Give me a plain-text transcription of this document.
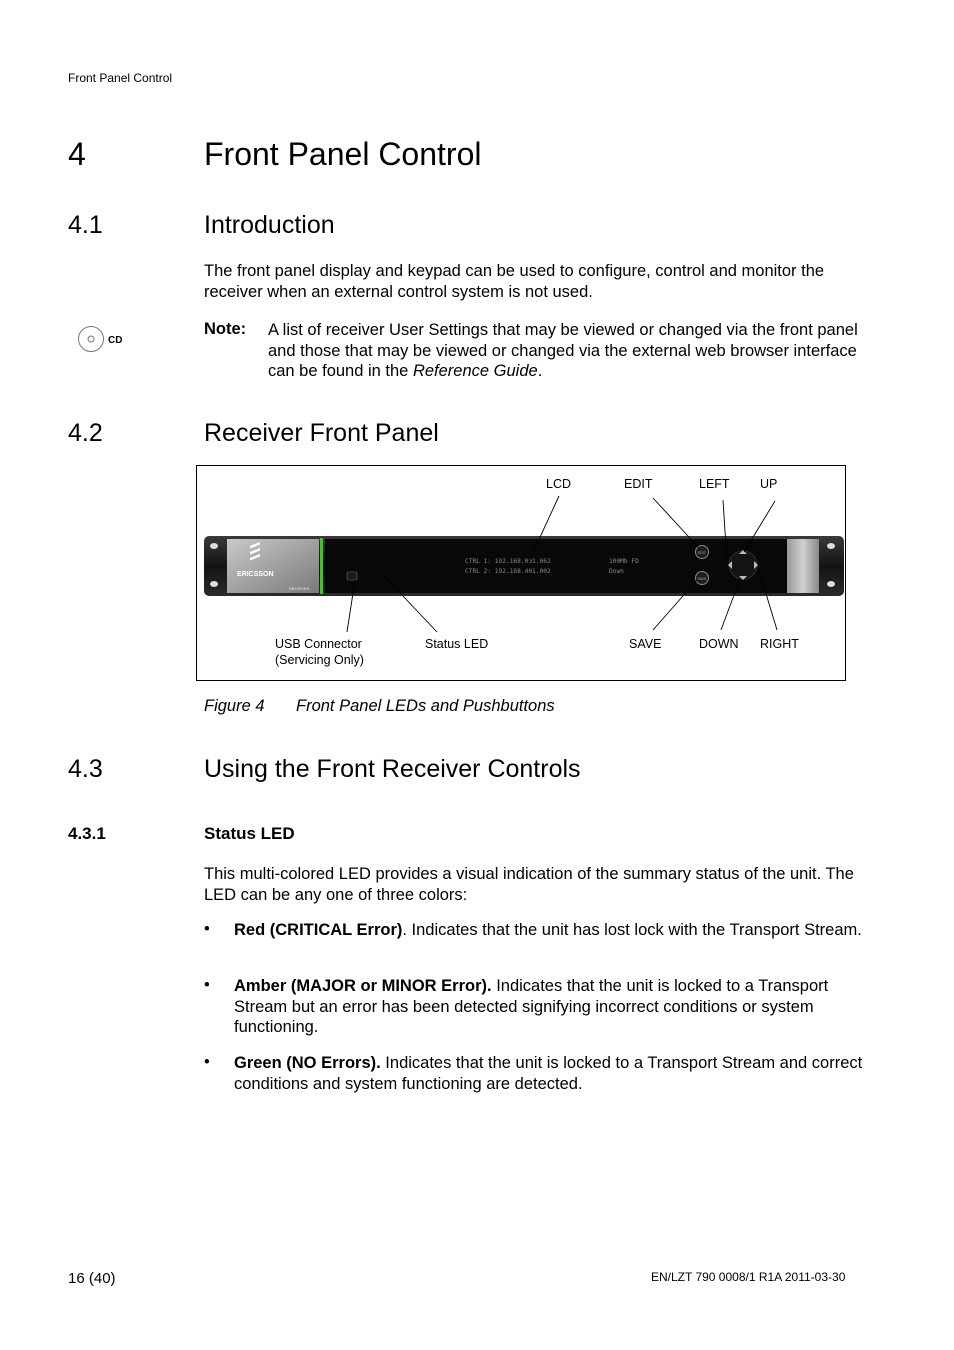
Front Panel Control
4	Front Panel Control
4.1	Introduction
The front panel display and keypad can be used to configure, control and monitor the receiver when an external control system is not used.
CD
Note: A list of receiver User Settings that may be viewed or changed via the front panel and those that may be viewed or changed via the external web browser interface can be found in the Reference Guide.
4.2	Receiver Front Panel
LCD	EDIT	LEFT UP
ERICSSON
RECEIVER
CTRL 1: 192.168.001.062
CTRL 2: 192.168.001.002
100Mb FD
Down
EDIT
SAVE
USB Connector
(Servicing Only)
Status LED	SAVE	DOWN RIGHT
Figure 4 Front Panel LEDs and Pushbuttons
4.3	Using the Front Receiver Controls
4.3.1	Status LED
This multi-colored LED provides a visual indication of the summary status of the unit. The LED can be any one of three colors:
• Red (CRITICAL Error). Indicates that the unit has lost lock with the Transport Stream.
• Amber (MAJOR or MINOR Error). Indicates that the unit is locked to a Transport Stream but an error has been detected signifying incorrect conditions or system functioning.
• Green (NO Errors). Indicates that the unit is locked to a Transport Stream and correct conditions and system functioning are detected.
16 (40)	EN/LZT 790 0008/1 R1A 2011-03-30
